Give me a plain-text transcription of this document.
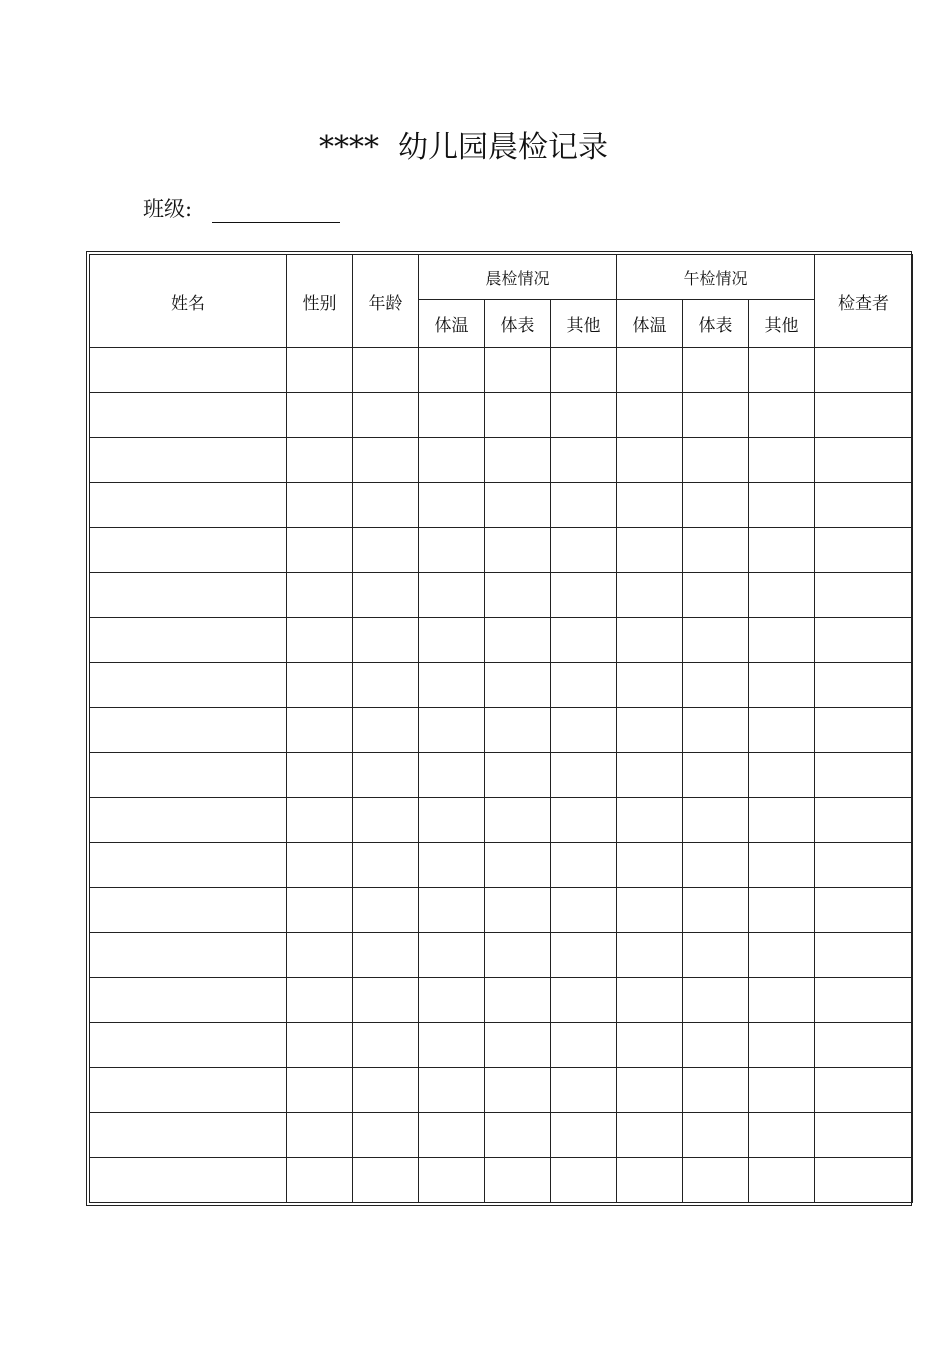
****  幼儿园晨检记录
班级:
姓名	性别	年龄	晨检情况			午检情况			检查者
			体温	体表	其他	体温	体表	其他	
